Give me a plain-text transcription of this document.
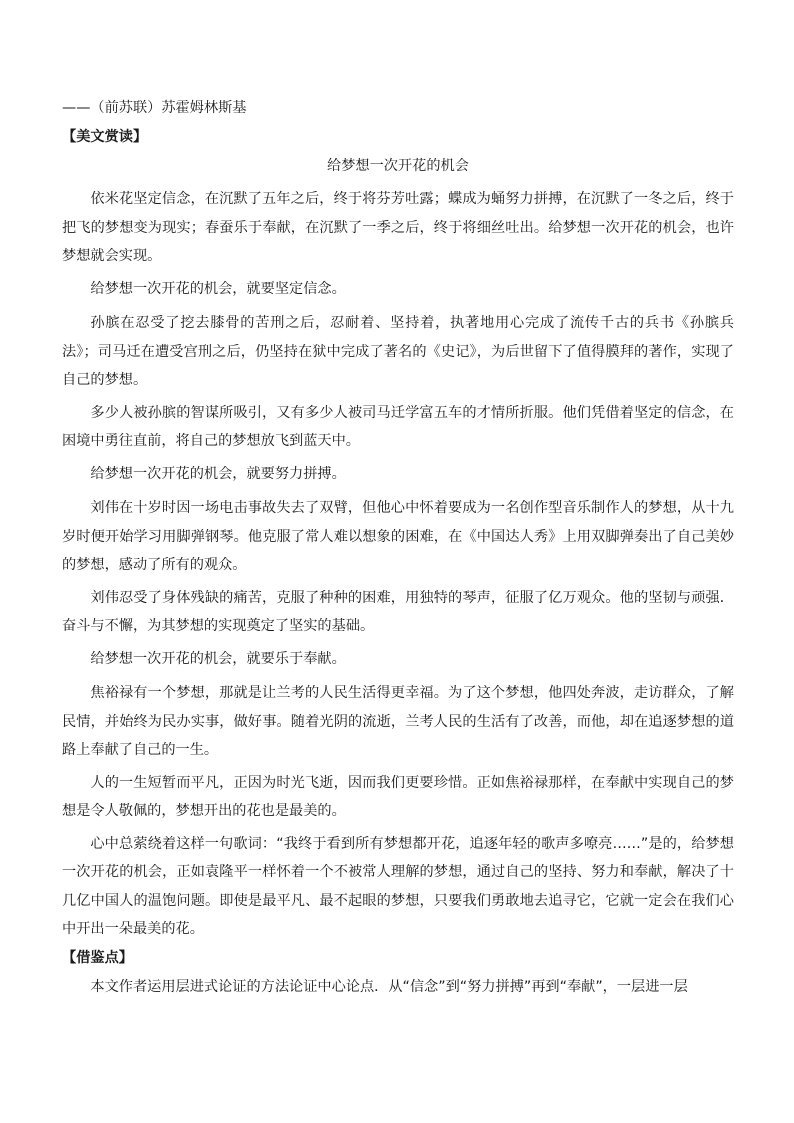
——（前苏联）苏霍姆林斯基

【美文赏读】

给梦想一次开花的机会

依米花坚定信念，在沉默了五年之后，终于将芬芳吐露；蝶成为蛹努力拼搏，在沉默了一冬之后，终于把飞的梦想变为现实；春蚕乐于奉献，在沉默了一季之后，终于将细丝吐出。给梦想一次开花的机会，也许梦想就会实现。

给梦想一次开花的机会，就要坚定信念。

孙膑在忍受了挖去膝骨的苦刑之后，忍耐着、坚持着，执著地用心完成了流传千古的兵书《孙膑兵法》；司马迁在遭受宫刑之后，仍坚持在狱中完成了著名的《史记》，为后世留下了值得膜拜的著作，实现了自己的梦想。

多少人被孙膑的智谋所吸引，又有多少人被司马迁学富五车的才情所折服。他们凭借着坚定的信念，在困境中勇往直前，将自己的梦想放飞到蓝天中。

给梦想一次开花的机会，就要努力拼搏。

刘伟在十岁时因一场电击事故失去了双臂，但他心中怀着要成为一名创作型音乐制作人的梦想，从十九岁时便开始学习用脚弹钢琴。他克服了常人难以想象的困难，在《中国达人秀》上用双脚弹奏出了自己美妙的梦想，感动了所有的观众。

刘伟忍受了身体残缺的痛苦，克服了种种的困难，用独特的琴声，征服了亿万观众。他的坚韧与顽强．奋斗与不懈，为其梦想的实现奠定了坚实的基础。

给梦想一次开花的机会，就要乐于奉献。

焦裕禄有一个梦想，那就是让兰考的人民生活得更幸福。为了这个梦想，他四处奔波，走访群众，了解民情，并始终为民办实事，做好事。随着光阴的流逝，兰考人民的生活有了改善，而他，却在追逐梦想的道路上奉献了自己的一生。

人的一生短暂而平凡，正因为时光飞逝，因而我们更要珍惜。正如焦裕禄那样，在奉献中实现自己的梦想是令人敬佩的，梦想开出的花也是最美的。

心中总萦绕着这样一句歌词：“我终于看到所有梦想都开花，追逐年轻的歌声多嘹亮……”是的，给梦想一次开花的机会，正如袁隆平一样怀着一个不被常人理解的梦想，通过自己的坚持、努力和奉献，解决了十几亿中国人的温饱问题。即使是最平凡、最不起眼的梦想，只要我们勇敢地去追寻它，它就一定会在我们心中开出一朵最美的花。

【借鉴点】

本文作者运用层进式论证的方法论证中心论点．从“信念”到“努力拼搏”再到“奉献”，一层进一层
